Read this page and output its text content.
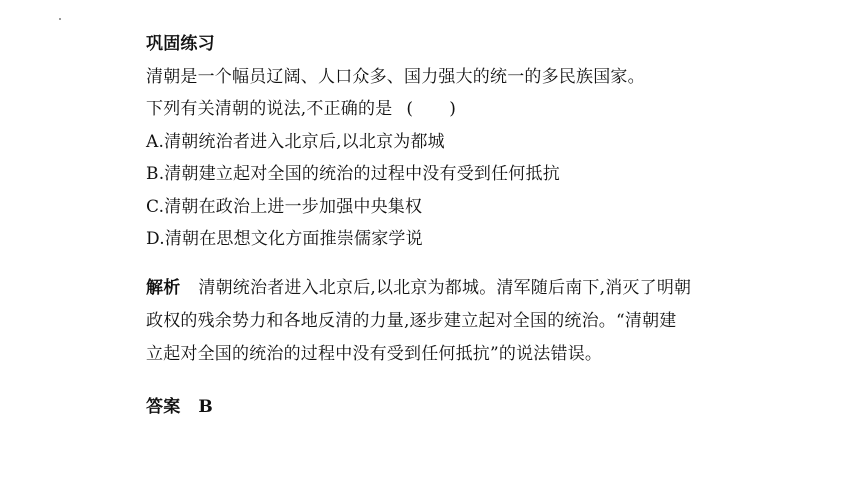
巩固练习
清朝是一个幅员辽阔、人口众多、国力强大的统一的多民族国家。
下列有关清朝的说法,不正确的是 ( )
A.清朝统治者进入北京后,以北京为都城
B.清朝建立起对全国的统治的过程中没有受到任何抵抗
C.清朝在政治上进一步加强中央集权
D.清朝在思想文化方面推崇儒家学说
解析 清朝统治者进入北京后,以北京为都城。清军随后南下,消灭了明朝
政权的残余势力和各地反清的力量,逐步建立起对全国的统治。“清朝建
立起对全国的统治的过程中没有受到任何抵抗”的说法错误。
答案 B
